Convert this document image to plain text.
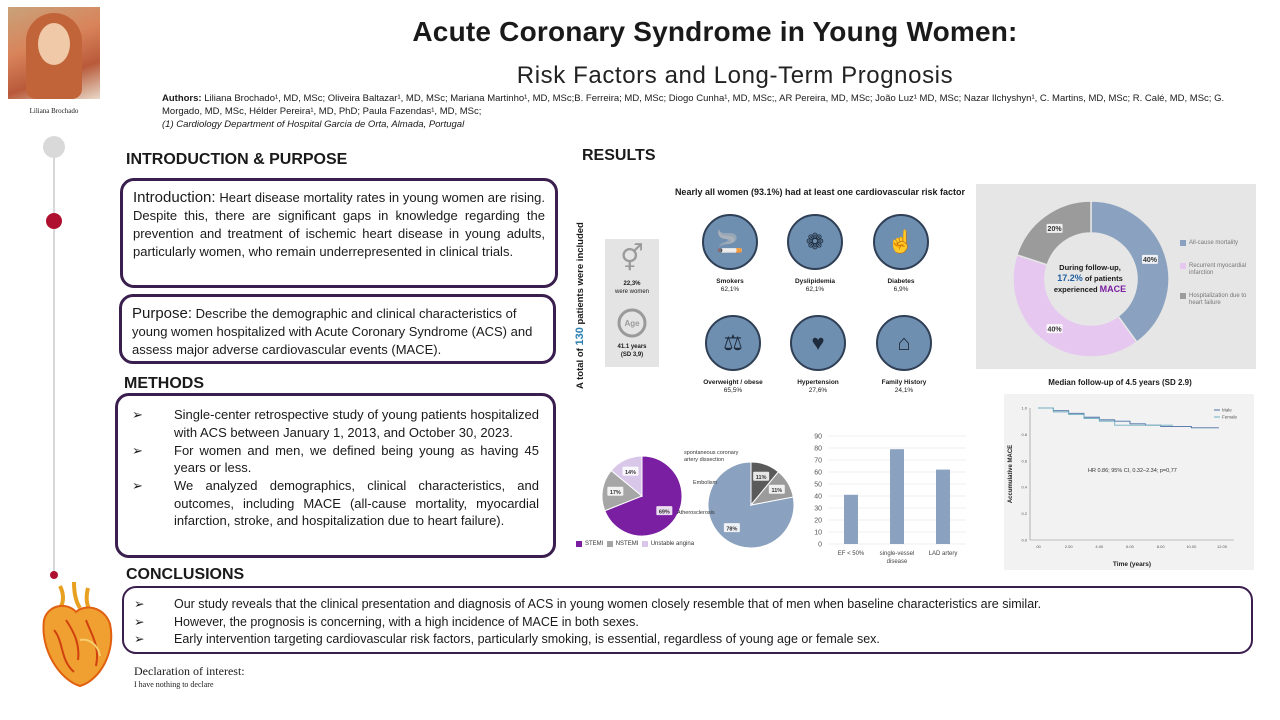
Liliana Brochado
Acute Coronary Syndrome in Young Women:
Risk Factors and Long-Term Prognosis
Authors: Liliana Brochado¹, MD, MSc; Oliveira Baltazar¹, MD, MSc; Mariana Martinho¹, MD, MSc;B. Ferreira; MD, MSc; Diogo Cunha¹, MD, MSc;, AR Pereira, MD, MSc; João Luz¹ MD, MSc; Nazar Ilchyshyn¹, C. Martins, MD, MSc; R. Calé, MD, MSc; G. Morgado, MD, MSc, Hélder Pereira¹, MD, PhD; Paula Fazendas¹, MD, MSc;
(1) Cardiology Department of Hospital Garcia de Orta, Almada, Portugal
INTRODUCTION & PURPOSE

Introduction: Heart disease mortality rates in young women are rising. Despite this, there are significant gaps in knowledge regarding the prevention and treatment of ischemic heart disease in young adults, particularly women, who remain underrepresented in clinical trials.

Purpose: Describe the demographic and clinical characteristics of young women hospitalized with Acute Coronary Syndrome (ACS) and assess major adverse cardiovascular events (MACE).

METHODS
➢ Single-center retrospective study of young patients hospitalized with ACS between January 1, 2013, and October 30, 2023.
➢ For women and men, we defined being young as having 45 years or less.
➢ We analyzed demographics, clinical characteristics, and outcomes, including MACE (all-cause mortality, myocardial infarction, stroke, and hospitalization due to heart failure).
CONCLUSIONS
➢ Our study reveals that the clinical presentation and diagnosis of ACS in young women closely resemble that of men when baseline characteristics are similar.
➢ However, the prognosis is concerning, with a high incidence of MACE in both sexes.
➢ Early intervention targeting cardiovascular risk factors, particularly smoking, is essential, regardless of young age or female sex.
Declaration of interest:
I have nothing to declare
RESULTS
A total of 130 patients were included	⚥
22,3%
were women
Age
41.1 years
(SD 3,9)
Nearly all women (93.1%) had at least one cardiovascular risk factor
🚬
Smokers
62,1%
❁
Dyslipidemia
62,1%
☝
Diabetes
6,9%
⚖
Overweight / obese
65,5%
♥
Hypertension
27,6%
⌂
Family History
24,1%
40%
40%
20%
During follow-up,
17.2% of patients
experienced MACE
All-cause mortality
Recurrent myocardial infarction
Hospitalization due to heart failure
Median follow-up of 4.5 years (SD 2.9)
.00	2.00	4.00	6.00	8.00	10.00	12.00
0.0
0.2
0.4
0.6
0.8
1.0	Male
Female
HR 0.86; 95% CI, 0.32–2.34; p=0,77
Time (years)
Accumulative MACE
69%
17%
14%
STEMI NSTEMI Unstable angina
78%
11%
11%
spontaneous coronary artery dissection
Embolism
Atherosclerosis
0
10
20
30
40
50
60
70
80
90
EF < 50%	single-vessel
disease
LAD artery
